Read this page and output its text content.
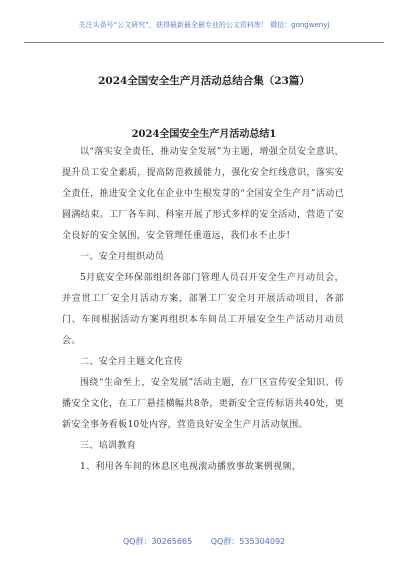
关注头条号“公文研究”，获得最新最全最专业的公文资料库！ 微信：gongwenyj
2024全国安全生产月活动总结合集（23篇）
2024全国安全生产月活动总结1

以“落实安全责任，推动安全发展”为主题，增强全员安全意识，提升员工安全素质，提高防范救援能力，强化安全红线意识，落实安全责任，推进安全文化在企业中生根发芽的“全国安全生产月”活动已圆满结束。工厂各车间、科室开展了形式多样的安全活动，营造了安全良好的安全氛围，安全管理任重道远，我们永不止步!

一、安全月组织动员

5月底安全环保部组织各部门管理人员召开安全生产月动员会，并宣贯工厂安全月活动方案，部署工厂安全月开展活动项目，各部门、车间根据活动方案再组织本车间员工开展安全生产活动月动员会。

二、安全月主题文化宣传

围绕“生命至上，安全发展”活动主题，在厂区宣传安全知识、传播安全文化，在工厂悬挂横幅共8条，更新安全宣传标语共40处，更新安全事务看板10处内容，营造良好安全生产月活动氛围。

三、培训教育

1、利用各车间的休息区电视滚动播放事故案例视频，

QQ群：30265665 QQ群：535304092
